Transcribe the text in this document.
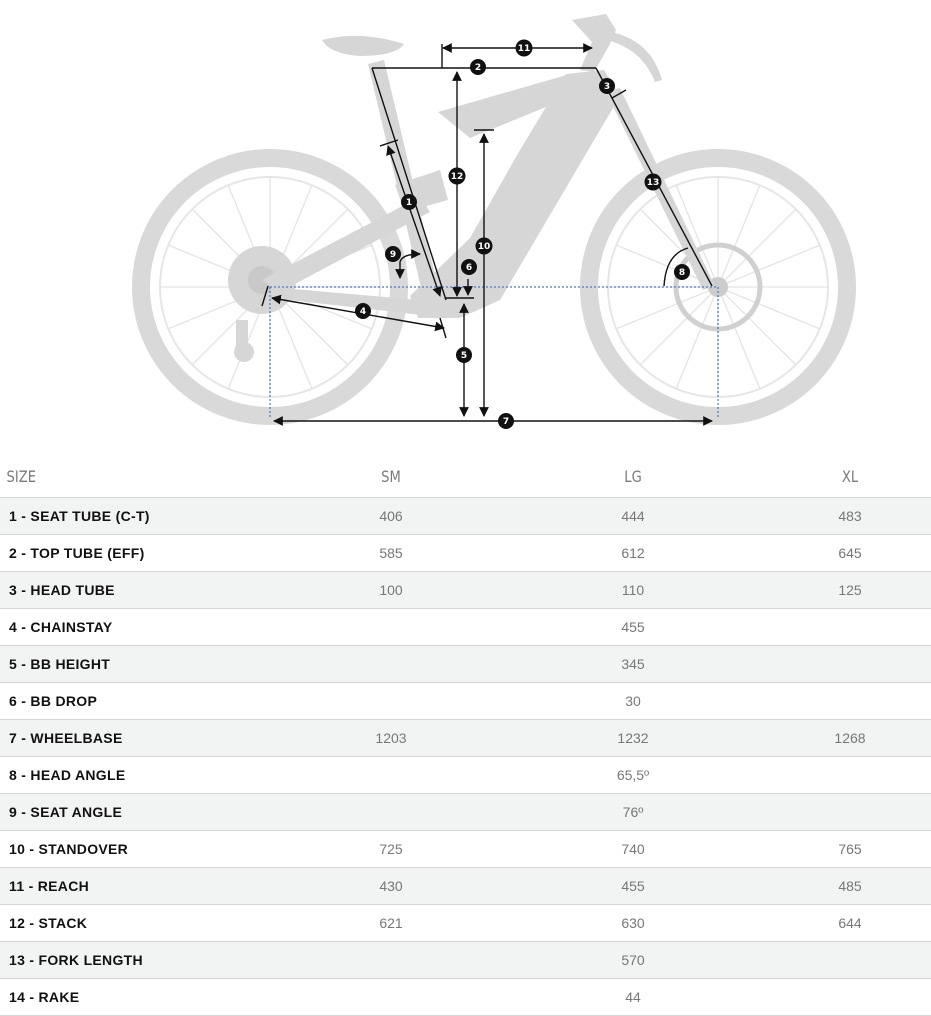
1
2
3
4
5
6
7
8
9
10
11
12
13
SIZE	SM	LG	XL
1 - SEAT TUBE (C-T)	406	444	483
2 - TOP TUBE (EFF)	585	612	645
3 - HEAD TUBE	100	110	125
4 - CHAINSTAY		455	
5 - BB HEIGHT		345	
6 - BB DROP		30	
7 - WHEELBASE	1203	1232	1268
8 - HEAD ANGLE		65,5º	
9 - SEAT ANGLE		76º	
10 - STANDOVER	725	740	765
11 - REACH	430	455	485
12 - STACK	621	630	644
13 - FORK LENGTH		570	
14 - RAKE		44	
